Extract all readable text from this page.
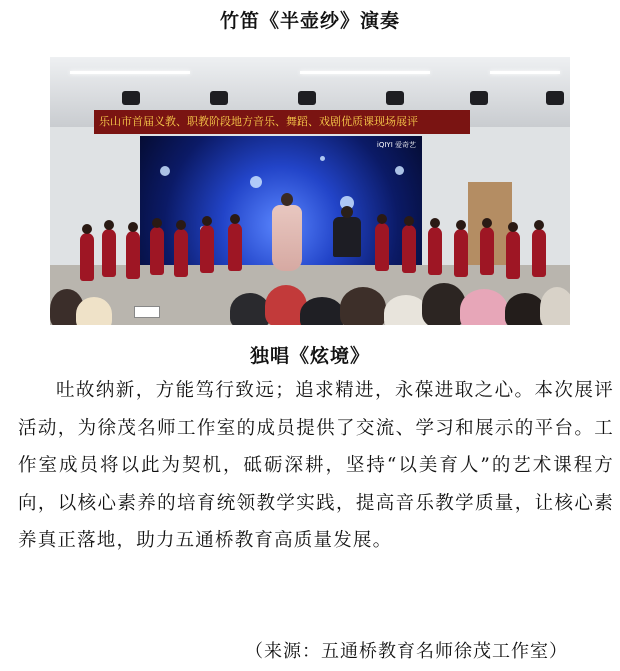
竹笛《半壶纱》演奏
乐山市首届义教、职教阶段地方音乐、舞蹈、戏剧优质课现场展评
iQIYI 爱奇艺
独唱《炫境》

吐故纳新，方能笃行致远；追求精进，永葆进取之心。本次展评活动，为徐茂名师工作室的成员提供了交流、学习和展示的平台。工作室成员将以此为契机，砥砺深耕，坚持“以美育人”的艺术课程方向，以核心素养的培育统领教学实践，提高音乐教学质量，让核心素养真正落地，助力五通桥教育高质量发展。

（来源：五通桥教育名师徐茂工作室）
